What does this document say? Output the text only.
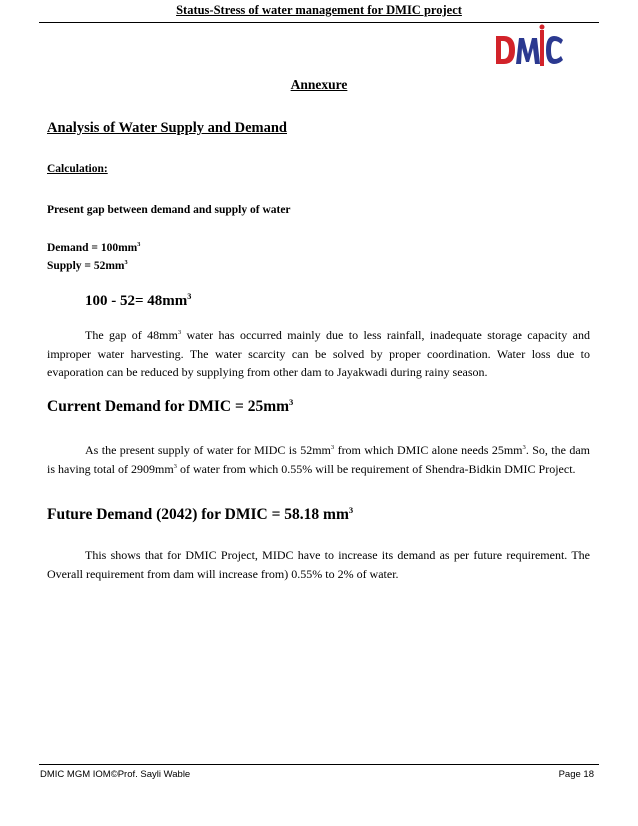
Status-Stress of water management for DMIC project

Annexure

Analysis of Water Supply and Demand

Calculation:

Present gap between demand and supply of water

Demand = $100mm^3$

Supply = $52mm^3$

$100 - 52= 48mm^3$

The gap of $48mm^3$ water has occurred mainly due to less rainfall, inadequate storage capacity and improper water harvesting. The water scarcity can be solved by proper coordination. Water loss due to evaporation can be reduced by supplying from other dam to Jayakwadi during rainy season.

Current Demand for DMIC = $25mm^3$

As the present supply of water for MIDC is $52mm^3$ from which DMIC alone needs $25mm^3$. So, the dam is having total of $2909mm^3$ of water from which 0.55% will be requirement of Shendra-Bidkin DMIC Project.

Future Demand (2042) for DMIC = 58.18 $mm^3$

This shows that for DMIC Project, MIDC have to increase its demand as per future requirement. The Overall requirement from dam will increase from) 0.55% to 2% of water.

DMIC MGM IOM©Prof. Sayli Wable	Page 18
